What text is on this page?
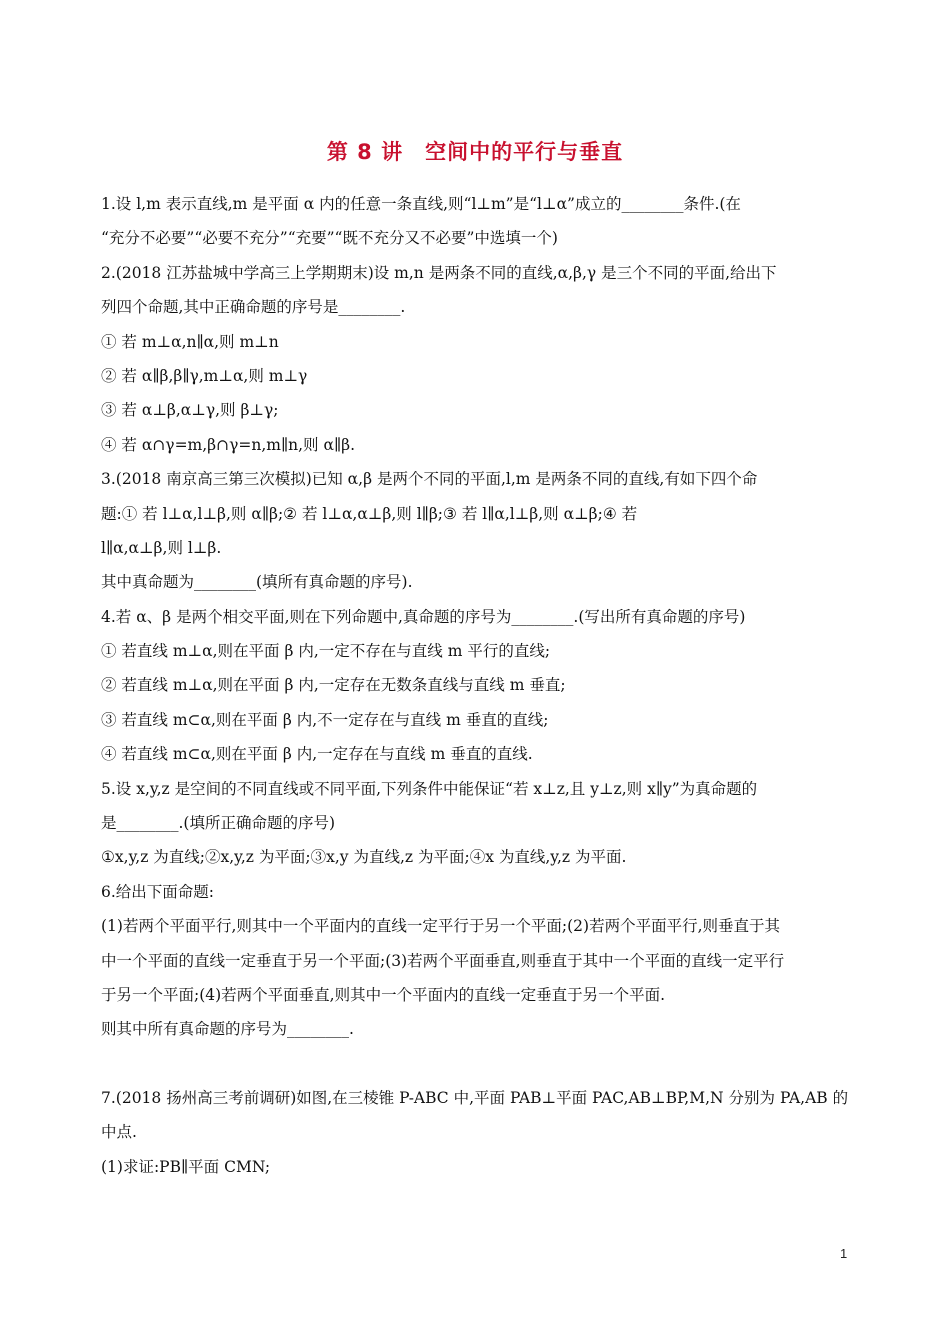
第 8 讲　空间中的平行与垂直
1.设 l,m 表示直线,m 是平面 α 内的任意一条直线,则“l⊥m”是“l⊥α”成立的________条件.(在
“充分不必要”“必要不充分”“充要”“既不充分又不必要”中选填一个)
2.(2018 江苏盐城中学高三上学期期末)设 m,n 是两条不同的直线,α,β,γ 是三个不同的平面,给出下
列四个命题,其中正确命题的序号是________.
① 若 m⊥α,n∥α,则 m⊥n
② 若 α∥β,β∥γ,m⊥α,则 m⊥γ
③ 若 α⊥β,α⊥γ,则 β⊥γ;
④ 若 α∩γ=m,β∩γ=n,m∥n,则 α∥β.
3.(2018 南京高三第三次模拟)已知 α,β 是两个不同的平面,l,m 是两条不同的直线,有如下四个命
题:① 若 l⊥α,l⊥β,则 α∥β;② 若 l⊥α,α⊥β,则 l∥β;③ 若 l∥α,l⊥β,则 α⊥β;④ 若
l∥α,α⊥β,则 l⊥β.
其中真命题为________(填所有真命题的序号).
4.若 α、β 是两个相交平面,则在下列命题中,真命题的序号为________.(写出所有真命题的序号)
① 若直线 m⊥α,则在平面 β 内,一定不存在与直线 m 平行的直线;
② 若直线 m⊥α,则在平面 β 内,一定存在无数条直线与直线 m 垂直;
③ 若直线 m⊂α,则在平面 β 内,不一定存在与直线 m 垂直的直线;
④ 若直线 m⊂α,则在平面 β 内,一定存在与直线 m 垂直的直线.
5.设 x,y,z 是空间的不同直线或不同平面,下列条件中能保证“若 x⊥z,且 y⊥z,则 x∥y”为真命题的
是________.(填所正确命题的序号)
①x,y,z 为直线;②x,y,z 为平面;③x,y 为直线,z 为平面;④x 为直线,y,z 为平面.
6.给出下面命题:
(1)若两个平面平行,则其中一个平面内的直线一定平行于另一个平面;(2)若两个平面平行,则垂直于其
中一个平面的直线一定垂直于另一个平面;(3)若两个平面垂直,则垂直于其中一个平面的直线一定平行
于另一个平面;(4)若两个平面垂直,则其中一个平面内的直线一定垂直于另一个平面.
则其中所有真命题的序号为________.
7.(2018 扬州高三考前调研)如图,在三棱锥 P-ABC 中,平面 PAB⊥平面 PAC,AB⊥BP,M,N 分别为 PA,AB 的
中点.
(1)求证:PB∥平面 CMN;
1
